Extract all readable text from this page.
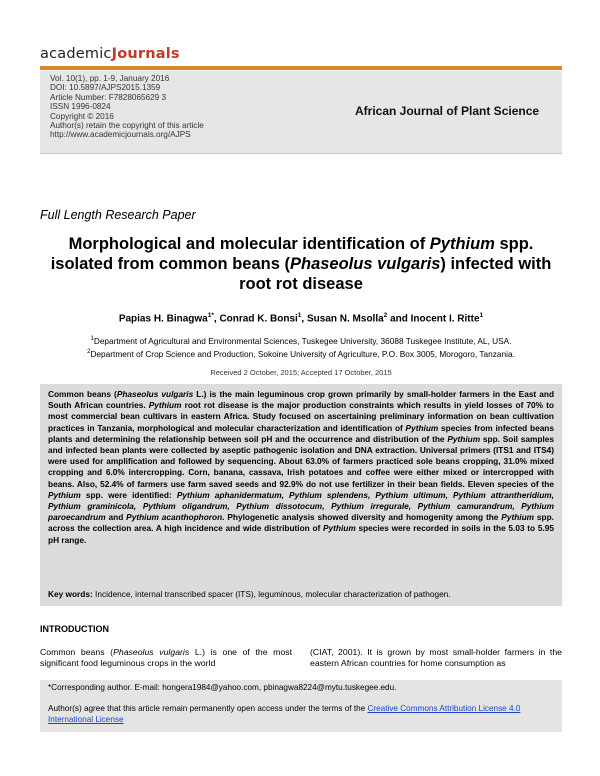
academicJournals
Vol. 10(1), pp. 1-9, January 2016
DOI: 10.5897/AJPS2015.1359
Article Number: F7828065629 3
ISSN 1996-0824
Copyright © 2016
Author(s) retain the copyright of this article
http://www.academicjournals.org/AJPS
African Journal of Plant Science
Full Length Research Paper
Morphological and molecular identification of Pythium spp. isolated from common beans (Phaseolus vulgaris) infected with root rot disease
Papias H. Binagwa$^{1*}$, Conrad K. Bonsi$^1$, Susan N. Msolla$^2$ and Inocent I. Ritte$^1$
$^1$Department of Agricultural and Environmental Sciences, Tuskegee University, 36088 Tuskegee Institute, AL, USA.
$^2$Department of Crop Science and Production, Sokoine University of Agriculture, P.O. Box 3005, Morogoro, Tanzania.
Received 2 October, 2015; Accepted 17 October, 2015
Common beans (Phaseolus vulgaris L.) is the main leguminous crop grown primarily by small-holder farmers in the East and South African countries. Pythium root rot disease is the major production constraints which results in yield losses of 70% to most commercial bean cultivars in eastern Africa. Study focused on ascertaining preliminary information on bean cultivation practices in Tanzania, morphological and molecular characterization and identification of Pythium species from infected beans plants and determining the relationship between soil pH and the occurrence and distribution of the Pythium spp. Soil samples and infected bean plants were collected by aseptic pathogenic isolation and DNA extraction. Universal primers (ITS1 and ITS4) were used for amplification and followed by sequencing. About 63.0% of farmers practiced sole beans cropping, 31.0% mixed cropping and 6.0% intercropping. Corn, banana, cassava, Irish potatoes and coffee were either mixed or intercropped with beans. Also, 52.4% of farmers use farm saved seeds and 92.9% do not use fertilizer in their bean fields. Eleven species of the Pythium spp. were identified: Pythium aphanidermatum, Pythium splendens, Pythium ultimum, Pythium attrantheridium, Pythium graminicola, Pythium oligandrum, Pythium dissotocum, Pythium irregurale, Pythium camurandrum, Pythium paroecandrum and Pythium acanthophoron. Phylogenetic analysis showed diversity and homogenity among the Pythium spp. across the collection area. A high incidence and wide distribution of Pythium species were recorded in soils in the 5.03 to 5.95 pH range.
Key words: Incidence, internal transcribed spacer (ITS), leguminous, molecular characterization of pathogen.
INTRODUCTION
Common beans (Phaseolus vulgaris L.) is one of the most significant food leguminous crops in the world
(CIAT, 2001). It is grown by most small-holder farmers in the eastern African countries for home consumption as
*Corresponding author. E-mail: hongera1984@yahoo.com, pbinagwa8224@mytu.tuskegee.edu.
Author(s) agree that this article remain permanently open access under the terms of the Creative Commons Attribution License 4.0 International License
